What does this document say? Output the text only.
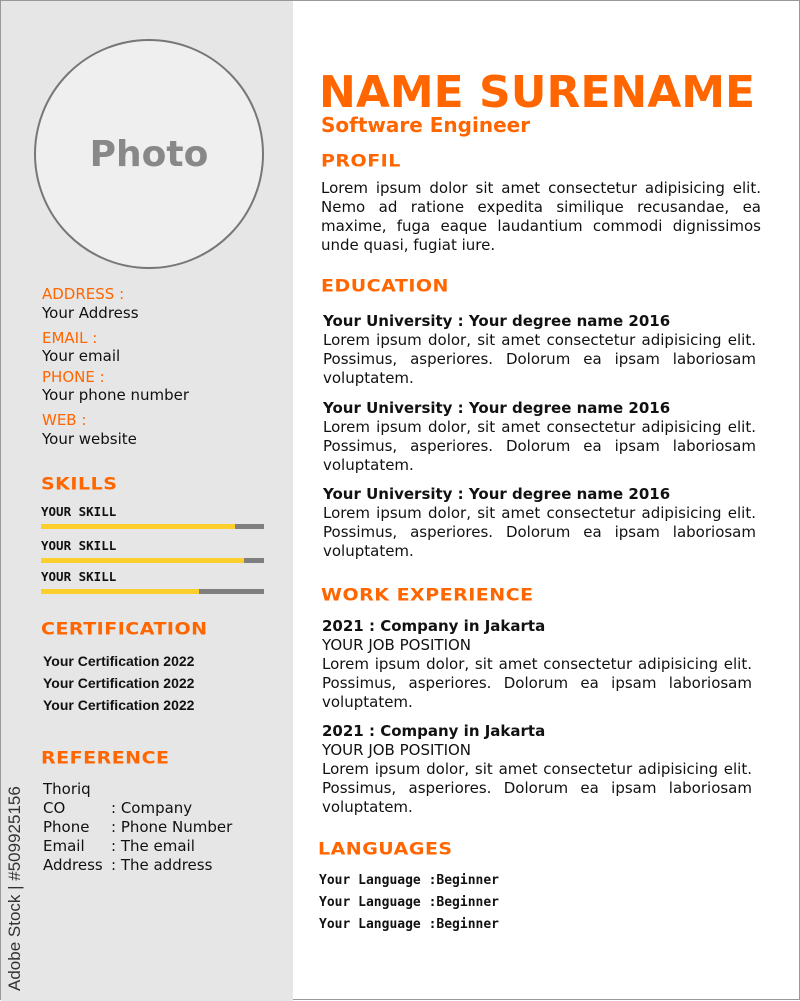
Photo
ADDRESS :
Your Address
EMAIL :
Your email
PHONE :
Your phone number
WEB :
Your website
SKILLS
YOUR SKILL
YOUR SKILL
YOUR SKILL
CERTIFICATION
Your Certification 2022
Your Certification 2022
Your Certification 2022
REFERENCE
Thoriq
CO	: Company
Phone : Phone Number
Email : The email
Address : The address
Adobe Stock | #509925156
NAME SURENAME
Software Engineer
PROFIL

Lorem ipsum dolor sit amet consectetur adipisicing elit. Nemo ad ratione expedita similique recusandae, ea maxime, fuga eaque laudantium commodi dignissimos unde quasi, fugiat iure.

EDUCATION
Your University : Your degree name 2016

Lorem ipsum dolor, sit amet consectetur adipisicing elit. Possimus, asperiores. Dolorum ea ipsam laboriosam voluptatem.

Your University : Your degree name 2016

Lorem ipsum dolor, sit amet consectetur adipisicing elit. Possimus, asperiores. Dolorum ea ipsam laboriosam voluptatem.

Your University : Your degree name 2016

Lorem ipsum dolor, sit amet consectetur adipisicing elit. Possimus, asperiores. Dolorum ea ipsam laboriosam voluptatem.

WORK EXPERIENCE
2021 : Company in Jakarta
YOUR JOB POSITION

Lorem ipsum dolor, sit amet consectetur adipisicing elit. Possimus, asperiores. Dolorum ea ipsam laboriosam voluptatem.

2021 : Company in Jakarta
YOUR JOB POSITION

Lorem ipsum dolor, sit amet consectetur adipisicing elit. Possimus, asperiores. Dolorum ea ipsam laboriosam voluptatem.

LANGUAGES
Your Language :Beginner
Your Language :Beginner
Your Language :Beginner
